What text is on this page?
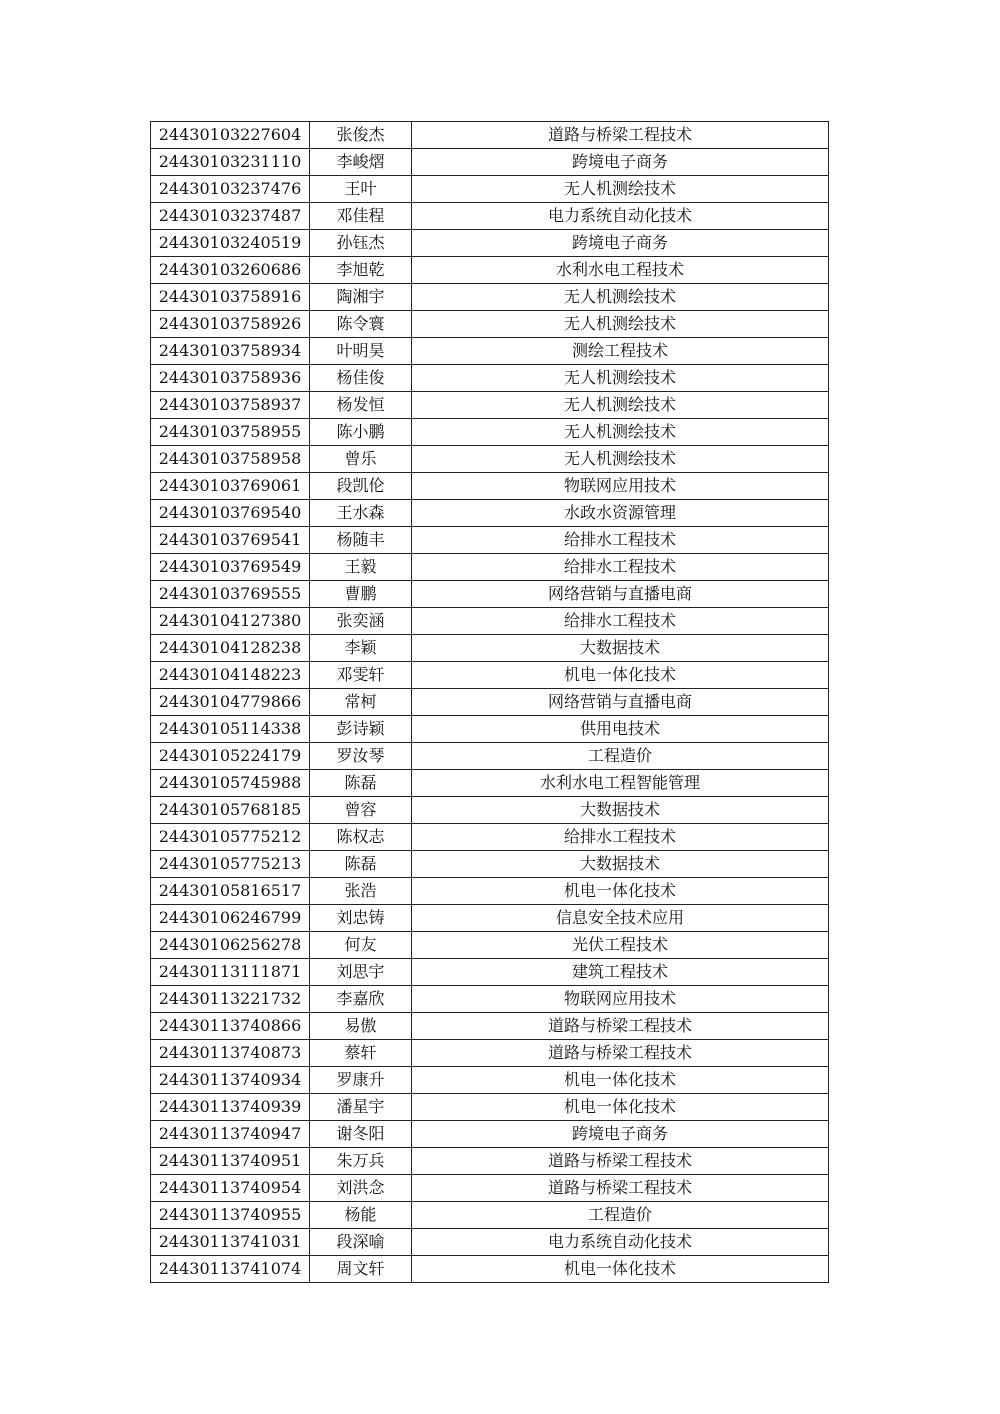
24430103227604	张俊杰	道路与桥梁工程技术
24430103231110	李峻熠	跨境电子商务
24430103237476	王叶	无人机测绘技术
24430103237487	邓佳程	电力系统自动化技术
24430103240519	孙钰杰	跨境电子商务
24430103260686	李旭乾	水利水电工程技术
24430103758916	陶湘宇	无人机测绘技术
24430103758926	陈令寰	无人机测绘技术
24430103758934	叶明昊	测绘工程技术
24430103758936	杨佳俊	无人机测绘技术
24430103758937	杨发恒	无人机测绘技术
24430103758955	陈小鹏	无人机测绘技术
24430103758958	曾乐	无人机测绘技术
24430103769061	段凯伦	物联网应用技术
24430103769540	王水森	水政水资源管理
24430103769541	杨随丰	给排水工程技术
24430103769549	王毅	给排水工程技术
24430103769555	曹鹏	网络营销与直播电商
24430104127380	张奕涵	给排水工程技术
24430104128238	李颖	大数据技术
24430104148223	邓雯轩	机电一体化技术
24430104779866	常柯	网络营销与直播电商
24430105114338	彭诗颖	供用电技术
24430105224179	罗汝琴	工程造价
24430105745988	陈磊	水利水电工程智能管理
24430105768185	曾容	大数据技术
24430105775212	陈权志	给排水工程技术
24430105775213	陈磊	大数据技术
24430105816517	张浩	机电一体化技术
24430106246799	刘忠铸	信息安全技术应用
24430106256278	何友	光伏工程技术
24430113111871	刘思宇	建筑工程技术
24430113221732	李嘉欣	物联网应用技术
24430113740866	易傲	道路与桥梁工程技术
24430113740873	蔡轩	道路与桥梁工程技术
24430113740934	罗康升	机电一体化技术
24430113740939	潘星宇	机电一体化技术
24430113740947	谢冬阳	跨境电子商务
24430113740951	朱万兵	道路与桥梁工程技术
24430113740954	刘洪念	道路与桥梁工程技术
24430113740955	杨能	工程造价
24430113741031	段深喻	电力系统自动化技术
24430113741074	周文轩	机电一体化技术
